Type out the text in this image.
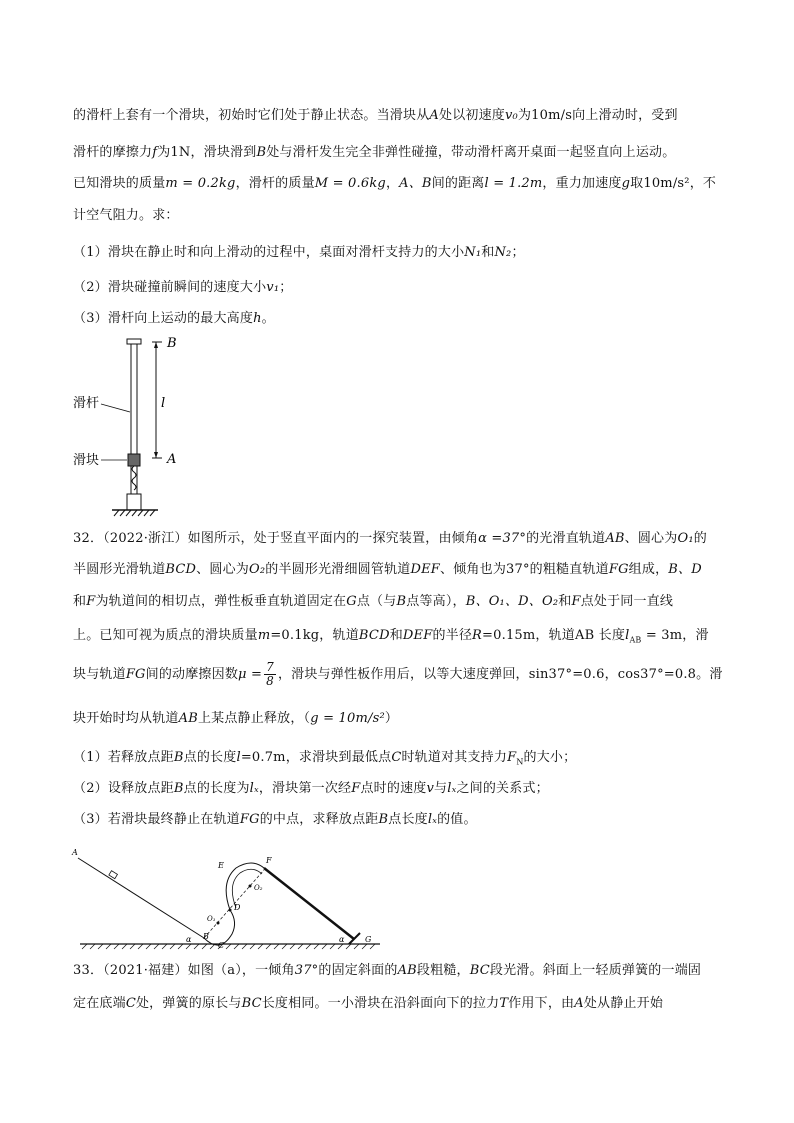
的滑杆上套有一个滑块，初始时它们处于静止状态。当滑块从A处以初速度v₀为10m/s向上滑动时，受到
滑杆的摩擦力f为1N，滑块滑到B处与滑杆发生完全非弹性碰撞，带动滑杆离开桌面一起竖直向上运动。
已知滑块的质量m = 0.2kg，滑杆的质量M = 0.6kg，A、B间的距离l = 1.2m，重力加速度g取10m/s²，不
计空气阻力。求：
（1）滑块在静止时和向上滑动的过程中，桌面对滑杆支持力的大小N₁和N₂；
（2）滑块碰撞前瞬间的速度大小v₁；
（3）滑杆向上运动的最大高度h。
B
l
A
滑杆
滑块
32．（2022·浙江）如图所示，处于竖直平面内的一探究装置，由倾角α =37°的光滑直轨道AB、圆心为O₁的
半圆形光滑轨道BCD、圆心为O₂的半圆形光滑细圆管轨道DEF、倾角也为37°的粗糙直轨道FG组成，B、D
和F为轨道间的相切点，弹性板垂直轨道固定在G点（与B点等高），B、O₁、D、O₂和F点处于同一直线
上。已知可视为质点的滑块质量m=0.1kg，轨道BCD和DEF的半径R=0.15m，轨道AB 长度$l_{AB} = 3m$，滑
块与轨道FG间的动摩擦因数$\mu = \frac{7}{8}$ ，滑块与弹性板作用后，以等大速度弹回，sin37°=0.6，cos37°=0.8。滑
块开始时均从轨道AB上某点静止释放，（g = 10m/s²）
（1）若释放点距B点的长度l=0.7m，求滑块到最低点C时轨道对其支持力$F_N$的大小；
（2）设释放点距B点的长度为lₓ，滑块第一次经F点时的速度v与lₓ之间的关系式；
（3）若滑块最终静止在轨道FG的中点，求释放点距B点长度lₓ的值。
A
B
C
D
E
F
G
O₁
O₂
α	α
33．（2021·福建）如图（a），一倾角37°的固定斜面的AB段粗糙，BC段光滑。斜面上一轻质弹簧的一端固
定在底端C处，弹簧的原长与BC长度相同。一小滑块在沿斜面向下的拉力T作用下，由A处从静止开始
